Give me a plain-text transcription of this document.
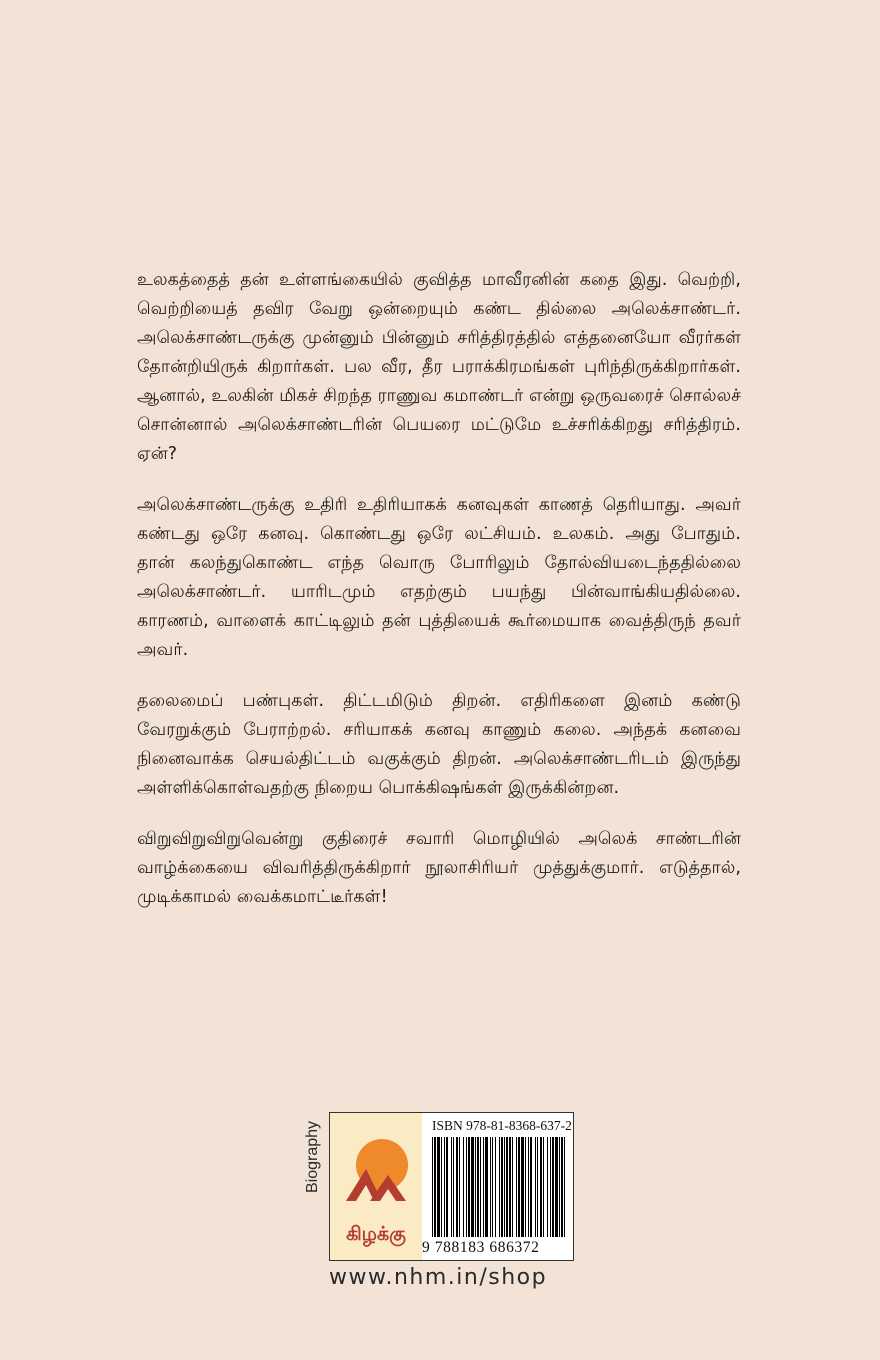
உலகத்தைத் தன் உள்ளங்கையில் குவித்த மாவீரனின் கதை இது. வெற்றி, வெற்றியைத் தவிர வேறு ஒன்றையும் கண்ட தில்லை அலெக்சாண்டர். அலெக்சாண்டருக்கு முன்னும் பின்னும் சரித்திரத்தில் எத்தனையோ வீரர்கள் தோன்றியிருக் கிறார்கள். பல வீர, தீர பராக்கிரமங்கள் புரிந்திருக்கிறார்கள். ஆனால், உலகின் மிகச் சிறந்த ராணுவ கமாண்டர் என்று ஒருவரைச் சொல்லச் சொன்னால் அலெக்சாண்டரின் பெயரை மட்டுமே உச்சரிக்கிறது சரித்திரம். ஏன்?

அலெக்சாண்டருக்கு உதிரி உதிரியாகக் கனவுகள் காணத் தெரியாது. அவர் கண்டது ஒரே கனவு. கொண்டது ஒரே லட்சியம். உலகம். அது போதும். தான் கலந்துகொண்ட எந்த வொரு போரிலும் தோல்வியடைந்ததில்லை அலெக்சாண்டர். யாரிடமும் எதற்கும் பயந்து பின்வாங்கியதில்லை. காரணம், வாளைக் காட்டிலும் தன் புத்தியைக் கூர்மையாக வைத்திருந் தவர் அவர்.

தலைமைப் பண்புகள். திட்டமிடும் திறன். எதிரிகளை இனம் கண்டு வேரறுக்கும் பேராற்றல். சரியாகக் கனவு காணும் கலை. அந்தக் கனவை நினைவாக்க செயல்திட்டம் வகுக்கும் திறன். அலெக்சாண்டரிடம் இருந்து அள்ளிக்கொள்வதற்கு நிறைய பொக்கிஷங்கள் இருக்கின்றன.

விறுவிறுவிறுவென்று குதிரைச் சவாரி மொழியில் அலெக் சாண்டரின் வாழ்க்கையை விவரித்திருக்கிறார் நூலாசிரியர் முத்துக்குமார். எடுத்தால், முடிக்காமல் வைக்கமாட்டீர்கள்!

Biography
கிழக்கு
ISBN 978-81-8368-637-2
9 788183 686372
www.nhm.in/shop
